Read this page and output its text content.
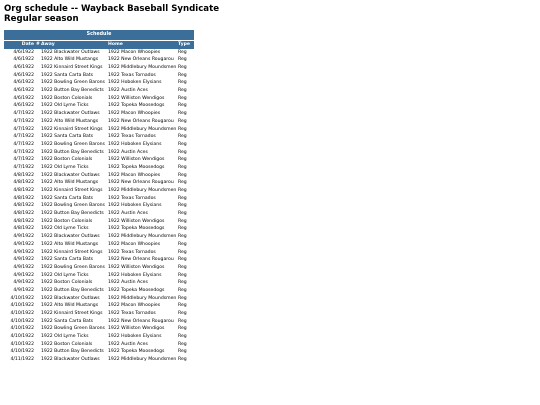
Org schedule -- Wayback Baseball Syndicate
Regular season
Schedule				
Date	#	Away	Home	Type
4/6/1922		1922 Blackwater Outlaws	1922 Macon Whoopies	Reg
4/6/1922		1922 Alto Wild Mustangs	1922 New Orleans Rougarou	Reg
4/6/1922		1922 Kinnaird Street Kings	1922 Middlebury Moundsmen	Reg
4/6/1922		1922 Santa Carta Bats	1922 Texas Tornados	Reg
4/6/1922		1922 Bowling Green Barons	1922 Hoboken Elysians	Reg
4/6/1922		1922 Button Bay Benedicts	1922 Austin Aces	Reg
4/6/1922		1922 Boston Colonials	1922 Williston Wendigos	Reg
4/6/1922		1922 Old Lyme Ticks	1922 Topeka Moosedogs	Reg
4/7/1922		1922 Blackwater Outlaws	1922 Macon Whoopies	Reg
4/7/1922		1922 Alto Wild Mustangs	1922 New Orleans Rougarou	Reg
4/7/1922		1922 Kinnaird Street Kings	1922 Middlebury Moundsmen	Reg
4/7/1922		1922 Santa Carta Bats	1922 Texas Tornados	Reg
4/7/1922		1922 Bowling Green Barons	1922 Hoboken Elysians	Reg
4/7/1922		1922 Button Bay Benedicts	1922 Austin Aces	Reg
4/7/1922		1922 Boston Colonials	1922 Williston Wendigos	Reg
4/7/1922		1922 Old Lyme Ticks	1922 Topeka Moosedogs	Reg
4/8/1922		1922 Blackwater Outlaws	1922 Macon Whoopies	Reg
4/8/1922		1922 Alto Wild Mustangs	1922 New Orleans Rougarou	Reg
4/8/1922		1922 Kinnaird Street Kings	1922 Middlebury Moundsmen	Reg
4/8/1922		1922 Santa Carta Bats	1922 Texas Tornados	Reg
4/8/1922		1922 Bowling Green Barons	1922 Hoboken Elysians	Reg
4/8/1922		1922 Button Bay Benedicts	1922 Austin Aces	Reg
4/8/1922		1922 Boston Colonials	1922 Williston Wendigos	Reg
4/8/1922		1922 Old Lyme Ticks	1922 Topeka Moosedogs	Reg
4/9/1922		1922 Blackwater Outlaws	1922 Middlebury Moundsmen	Reg
4/9/1922		1922 Alto Wild Mustangs	1922 Macon Whoopies	Reg
4/9/1922		1922 Kinnaird Street Kings	1922 Texas Tornados	Reg
4/9/1922		1922 Santa Carta Bats	1922 New Orleans Rougarou	Reg
4/9/1922		1922 Bowling Green Barons	1922 Williston Wendigos	Reg
4/9/1922		1922 Old Lyme Ticks	1922 Hoboken Elysians	Reg
4/9/1922		1922 Boston Colonials	1922 Austin Aces	Reg
4/9/1922		1922 Button Bay Benedicts	1922 Topeka Moosedogs	Reg
4/10/1922		1922 Blackwater Outlaws	1922 Middlebury Moundsmen	Reg
4/10/1922		1922 Alto Wild Mustangs	1922 Macon Whoopies	Reg
4/10/1922		1922 Kinnaird Street Kings	1922 Texas Tornados	Reg
4/10/1922		1922 Santa Carta Bats	1922 New Orleans Rougarou	Reg
4/10/1922		1922 Bowling Green Barons	1922 Williston Wendigos	Reg
4/10/1922		1922 Old Lyme Ticks	1922 Hoboken Elysians	Reg
4/10/1922		1922 Boston Colonials	1922 Austin Aces	Reg
4/10/1922		1922 Button Bay Benedicts	1922 Topeka Moosedogs	Reg
4/11/1922		1922 Blackwater Outlaws	1922 Middlebury Moundsmen	Reg
